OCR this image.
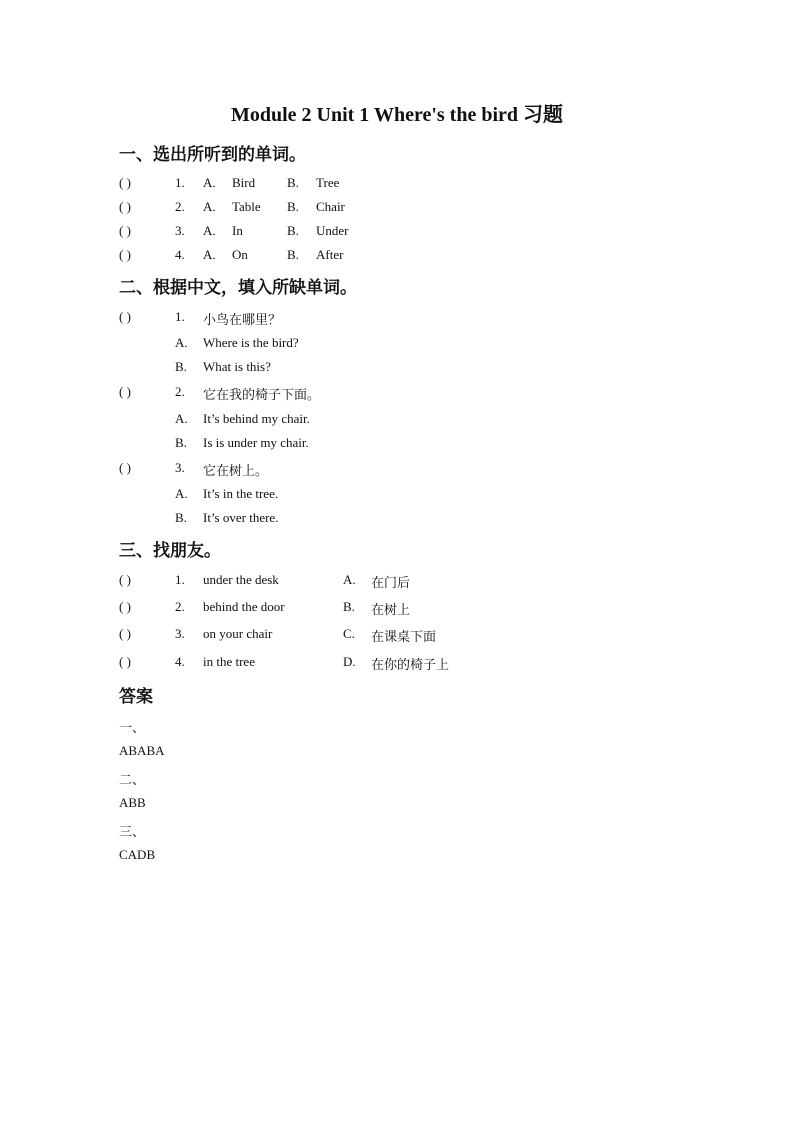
Module 2 Unit 1 Where's the bird 习题
一、选出所听到的单词。
( )	1. A. Bird B. Tree
( )	2. A. Table B. Chair
( )	3. A. In	B. Under
( )	4. A. On	B. After
二、根据中文，填入所缺单词。
( )	1. 小鸟在哪里？
A. Where is the bird?
B. What is this?
( )	2. 它在我的椅子下面。
A. It’s behind my chair.
B. Is is under my chair.
( )	3. 它在树上。
A. It’s in the tree.
B. It’s over there.
三、找朋友。
( )	1. under the desk	A. 在门后
( )	2. behind the door	B. 在树上
( )	3. on your chair	C. 在课桌下面
( )	4. in the tree	D. 在你的椅子上
答案
一、
ABABA
二、
ABB
三、
CADB
